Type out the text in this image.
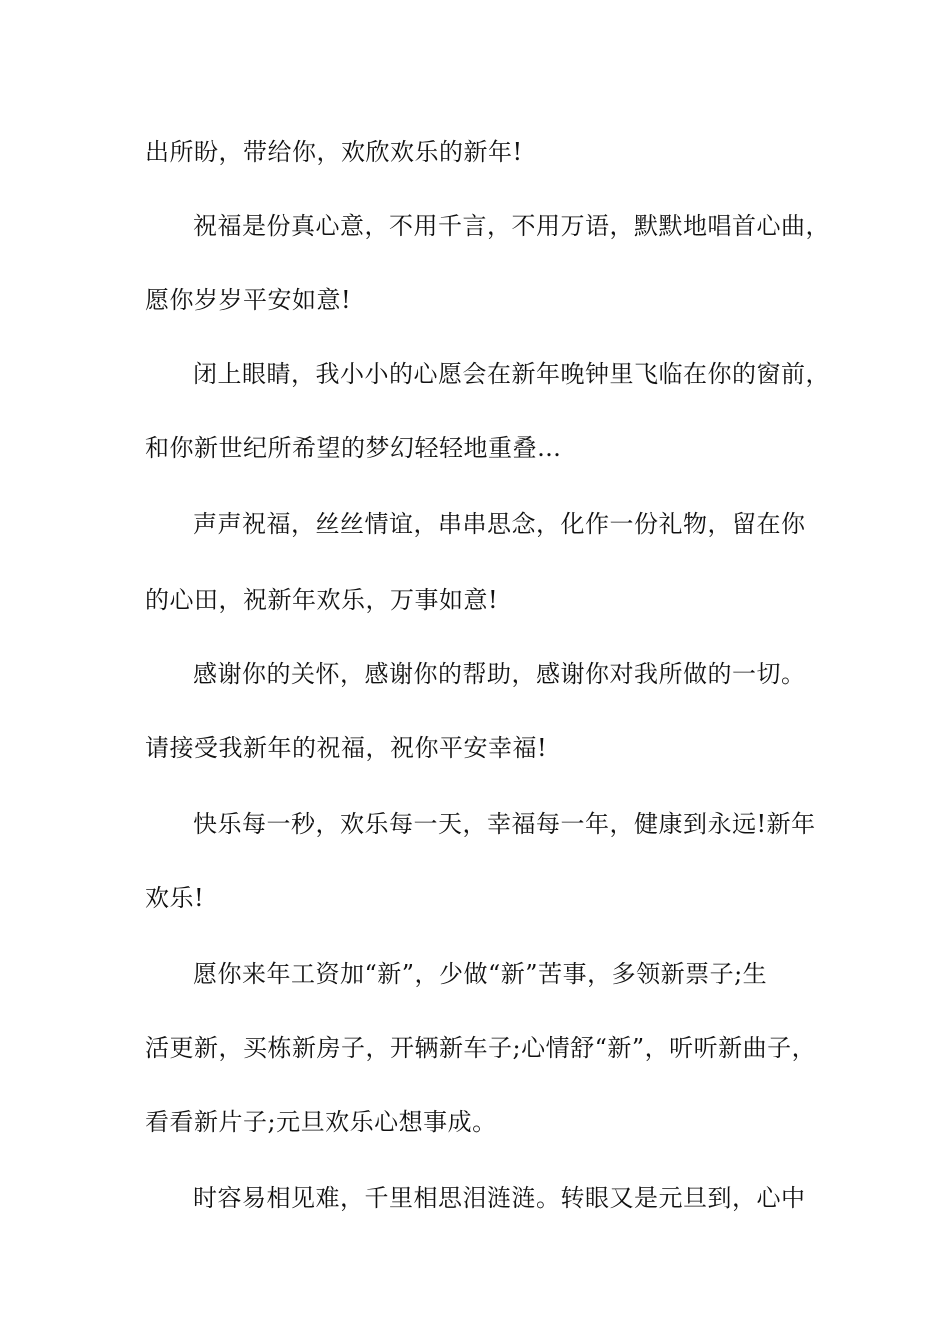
出所盼，带给你，欢欣欢乐的新年!
祝福是份真心意，不用千言，不用万语，默默地唱首心曲，
愿你岁岁平安如意!
闭上眼睛，我小小的心愿会在新年晚钟里飞临在你的窗前，
和你新世纪所希望的梦幻轻轻地重叠…
声声祝福，丝丝情谊，串串思念，化作一份礼物，留在你
的心田，祝新年欢乐，万事如意!
感谢你的关怀，感谢你的帮助，感谢你对我所做的一切。
请接受我新年的祝福，祝你平安幸福!
快乐每一秒，欢乐每一天，幸福每一年，健康到永远!新年
欢乐!
愿你来年工资加“新”，少做“新”苦事，多领新票子;生
活更新，买栋新房子，开辆新车子;心情舒“新”，听听新曲子，
看看新片子;元旦欢乐心想事成。
时容易相见难，千里相思泪涟涟。转眼又是元旦到，心中
